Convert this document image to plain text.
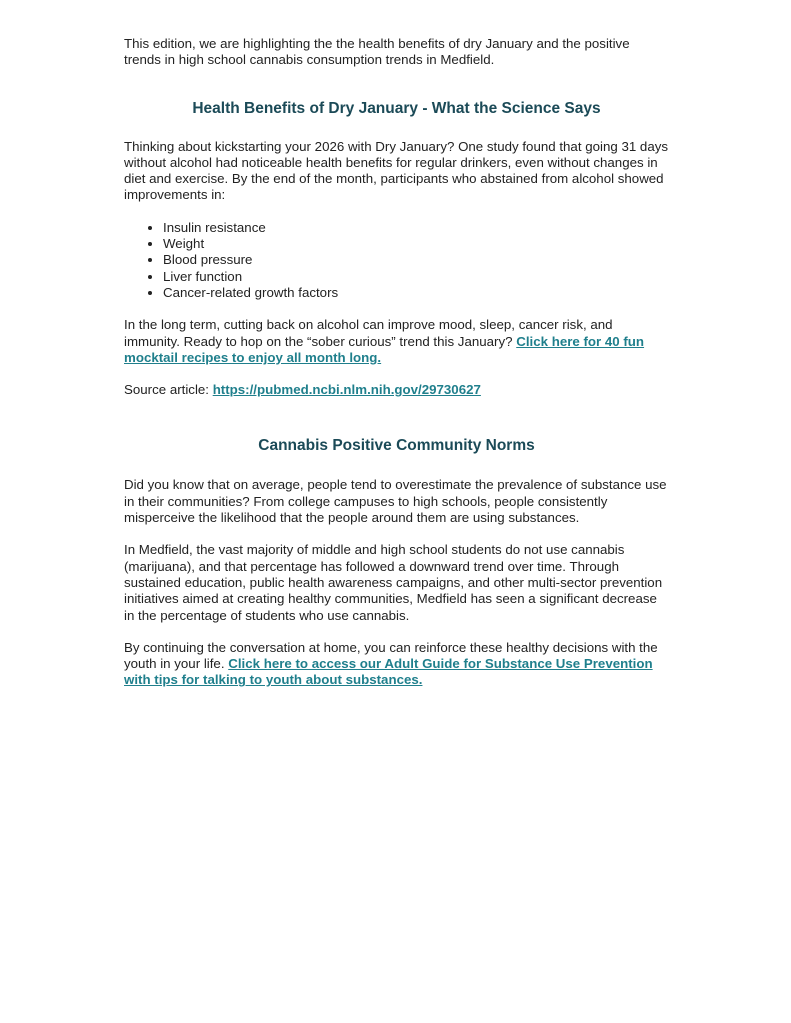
This edition, we are highlighting the the health benefits of dry January and the positive trends in high school cannabis consumption trends in Medfield.

Health Benefits of Dry January - What the Science Says

Thinking about kickstarting your 2026 with Dry January? One study found that going 31 days without alcohol had noticeable health benefits for regular drinkers, even without changes in diet and exercise. By the end of the month, participants who abstained from alcohol showed improvements in:

• Insulin resistance
• Weight
• Blood pressure
• Liver function
• Cancer-related growth factors

In the long term, cutting back on alcohol can improve mood, sleep, cancer risk, and immunity. Ready to hop on the “sober curious” trend this January? Click here for 40 fun mocktail recipes to enjoy all month long.

Source article: https://pubmed.ncbi.nlm.nih.gov/29730627

Cannabis Positive Community Norms

Did you know that on average, people tend to overestimate the prevalence of substance use in their communities? From college campuses to high schools, people consistently misperceive the likelihood that the people around them are using substances.

In Medfield, the vast majority of middle and high school students do not use cannabis (marijuana), and that percentage has followed a downward trend over time. Through sustained education, public health awareness campaigns, and other multi-sector prevention initiatives aimed at creating healthy communities, Medfield has seen a significant decrease in the percentage of students who use cannabis.

By continuing the conversation at home, you can reinforce these healthy decisions with the youth in your life. Click here to access our Adult Guide for Substance Use Prevention with tips for talking to youth about substances.
